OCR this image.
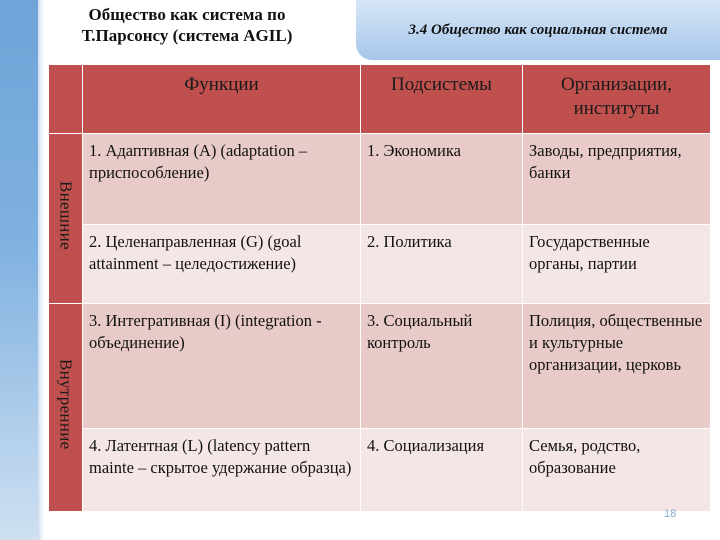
Общество как система по Т.Парсонсу (система AGIL)	3.4 Общество как социальная система
	Функции	Подсистемы	Организации, институты
Внешние	1. Адаптивная (A) (adaptation – приспособление)	1. Экономика	Заводы, предприятия, банки
	2. Целенаправленная (G) (goal attainment – целедостижение)	2. Политика	Государственные органы, партии
Внутренние	3. Интегративная (I) (integration - объединение)	3. Социальный контроль	Полиция, общественные и культурные организации, церковь
	4. Латентная (L) (latency pattern mainte – скрытое удержание образца)	4. Социализация	Семья, родство, образование
18
